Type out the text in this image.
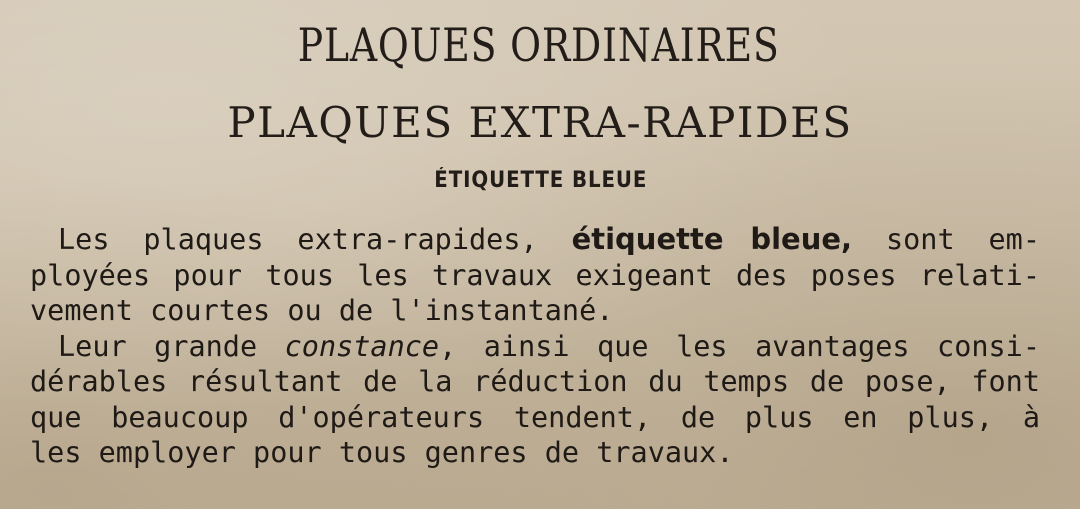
PLAQUES ORDINAIRES
PLAQUES EXTRA-RAPIDES
ÉTIQUETTE BLEUE
Les plaques extra-rapides, étiquette bleue, sont em-
ployées pour tous les travaux exigeant des poses relati-
vement courtes ou de l'instantané.
Leur grande constance, ainsi que les avantages consi-
dérables résultant de la réduction du temps de pose, font
que beaucoup d'opérateurs tendent, de plus en plus, à
les employer pour tous genres de travaux.
